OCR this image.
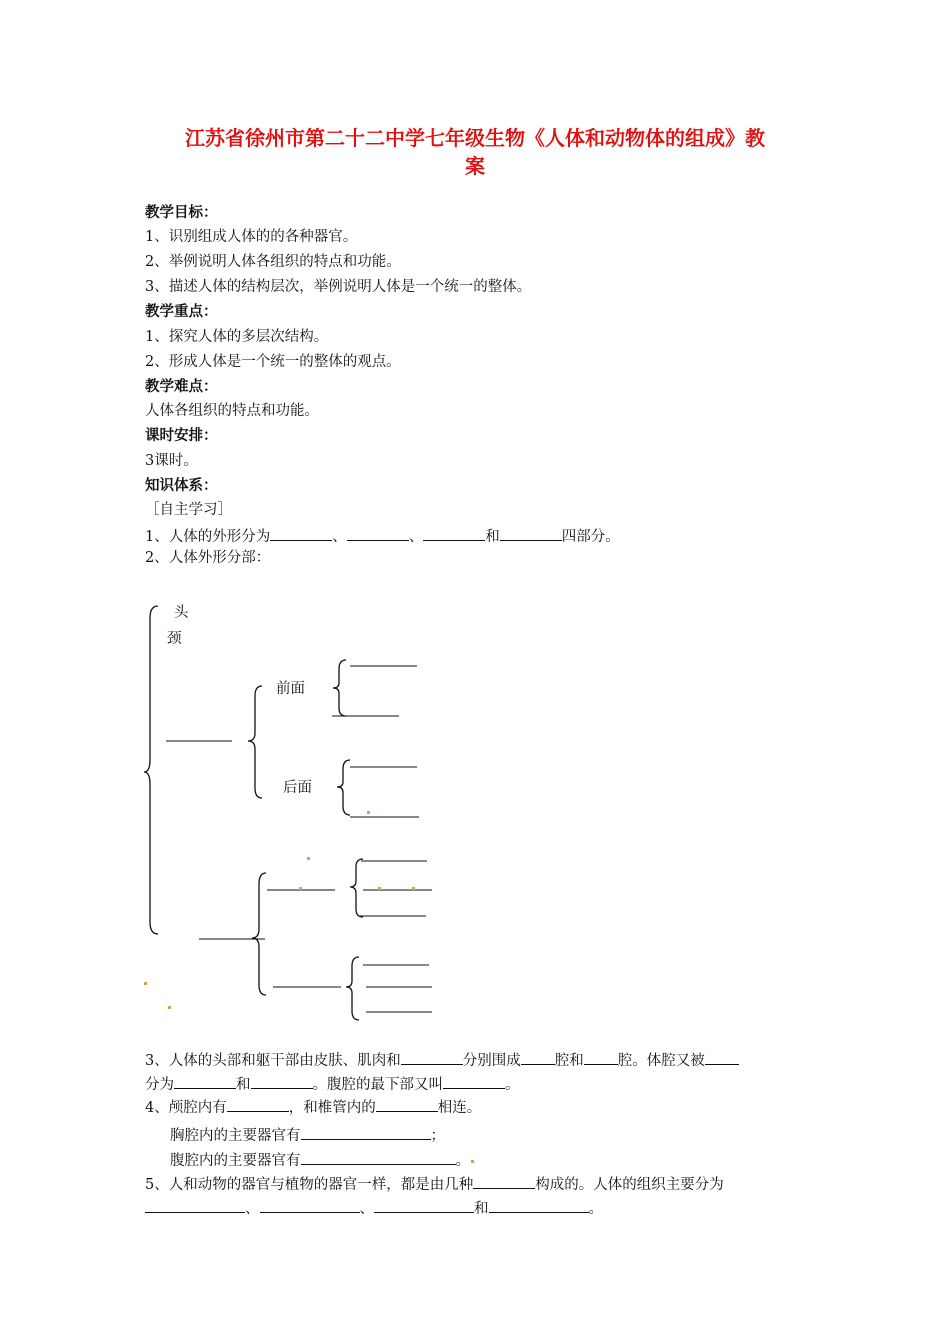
江苏省徐州市第二十二中学七年级生物《人体和动物体的组成》教
案
教学目标：
1、识别组成人体的的各种器官。
2、举例说明人体各组织的特点和功能。
3、描述人体的结构层次，举例说明人体是一个统一的整体。
教学重点：
1、探究人体的多层次结构。
2、形成人体是一个统一的整体的观点。
教学难点：
人体各组织的特点和功能。
课时安排：
3课时。
知识体系：
［自主学习］
1、人体的外形分为	、	、	和	四部分。
2、人体外形分部：
头
颈
前面
后面
3、人体的头部和躯干部由皮肤、肌肉和	分别围成 腔和 腔。体腔又被
分为	和	。腹腔的最下部又叫	。
4、颅腔内有	，和椎管内的	相连。
胸腔内的主要器官有	；
腹腔内的主要器官有	。
5、人和动物的器官与植物的器官一样，都是由几种	构成的。人体的组织主要分为
、	、	和	。
